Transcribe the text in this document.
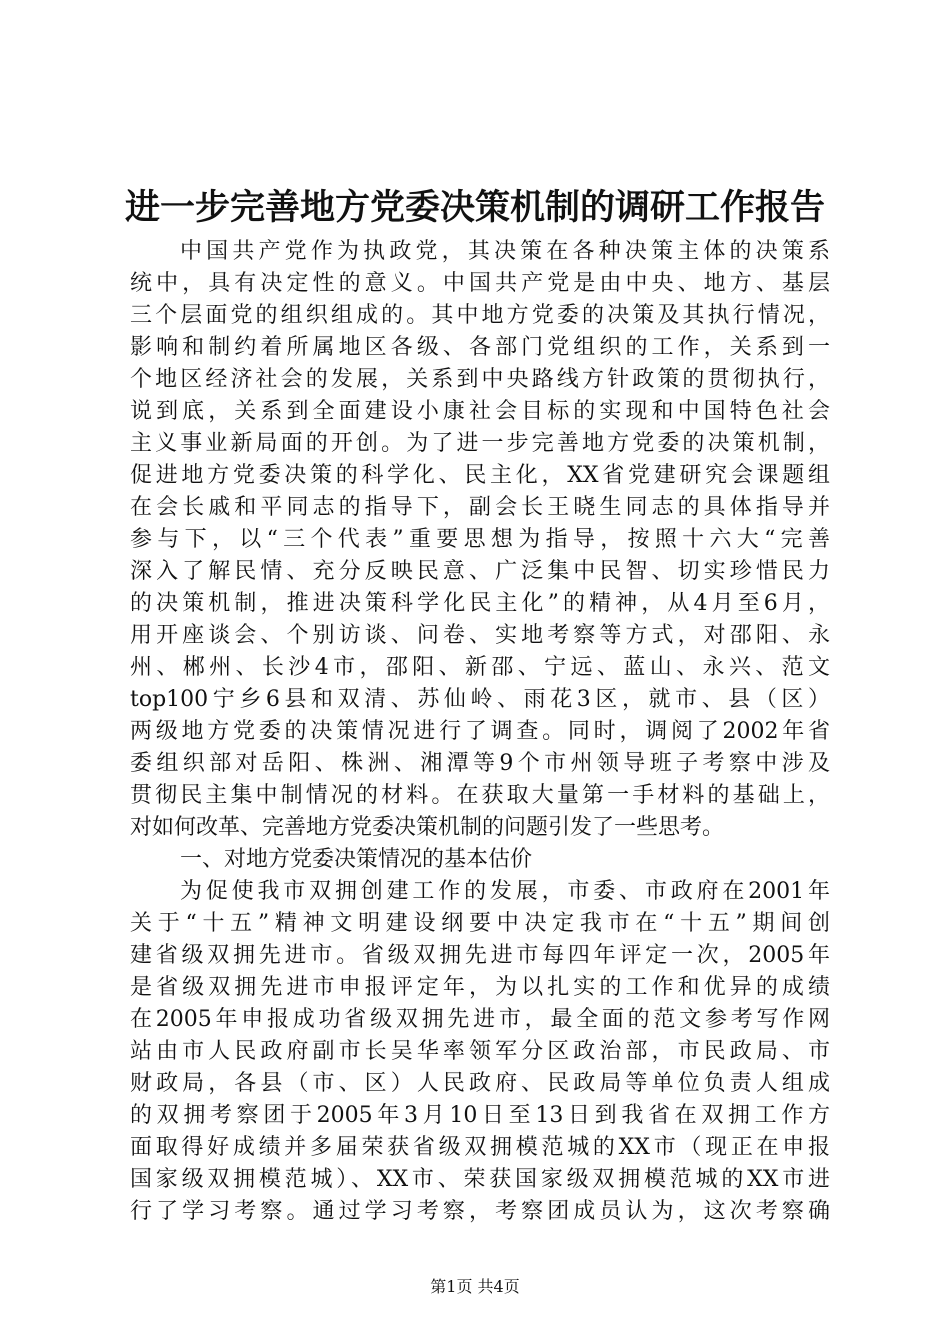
进一步完善地方党委决策机制的调研工作报告
中国共产党作为执政党，其决策在各种决策主体的决策系
统中，具有决定性的意义。中国共产党是由中央、地方、基层
三个层面党的组织组成的。其中地方党委的决策及其执行情况，
影响和制约着所属地区各级、各部门党组织的工作，关系到一
个地区经济社会的发展，关系到中央路线方针政策的贯彻执行，
说到底，关系到全面建设小康社会目标的实现和中国特色社会
主义事业新局面的开创。为了进一步完善地方党委的决策机制，
促进地方党委决策的科学化、民主化，XX省党建研究会课题组
在会长戚和平同志的指导下，副会长王晓生同志的具体指导并
参与下，以“三个代表”重要思想为指导，按照十六大“完善
深入了解民情、充分反映民意、广泛集中民智、切实珍惜民力
的决策机制，推进决策科学化民主化”的精神，从4月至6月，
用开座谈会、个别访谈、问卷、实地考察等方式，对邵阳、永
州、郴州、长沙4市，邵阳、新邵、宁远、蓝山、永兴、范文
top100宁乡6县和双清、苏仙岭、雨花3区，就市、县（区）
两级地方党委的决策情况进行了调查。同时，调阅了2002年省
委组织部对岳阳、株洲、湘潭等9个市州领导班子考察中涉及
贯彻民主集中制情况的材料。在获取大量第一手材料的基础上，
对如何改革、完善地方党委决策机制的问题引发了一些思考。
一、对地方党委决策情况的基本估价
为促使我市双拥创建工作的发展，市委、市政府在2001年
关于“十五”精神文明建设纲要中决定我市在“十五”期间创
建省级双拥先进市。省级双拥先进市每四年评定一次，2005年
是省级双拥先进市申报评定年，为以扎实的工作和优异的成绩
在2005年申报成功省级双拥先进市，最全面的范文参考写作网
站由市人民政府副市长吴华率领军分区政治部，市民政局、市
财政局，各县（市、区）人民政府、民政局等单位负责人组成
的双拥考察团于2005年3月10日至13日到我省在双拥工作方
面取得好成绩并多届荣获省级双拥模范城的XX市（现正在申报
国家级双拥模范城）、XX市、荣获国家级双拥模范城的XX市进
行了学习考察。通过学习考察，考察团成员认为，这次考察确
第1页 共4页
